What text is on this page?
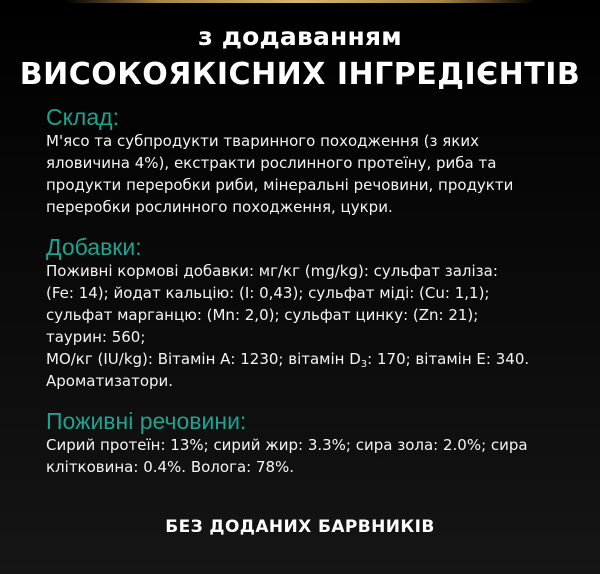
з додаванням
ВИСОКОЯКІСНИХ ІНГРЕДІЄНТІВ
Склад:
М'ясо та субпродукти тваринного походження (з яких
яловичина 4%), екстракти рослинного протеїну, риба та
продукти переробки риби, мінеральні речовини, продукти
переробки рослинного походження, цукри.
Добавки:
Поживні кормові добавки: мг/кг (mg/kg): сульфат заліза:
(Fe: 14); йодат кальцію: (I: 0,43); сульфат міді: (Cu: 1,1);
сульфат марганцю: (Mn: 2,0); сульфат цинку: (Zn: 21);
таурин: 560;
МО/кг (IU/kg): Вітамін А: 1230; вітамін $D_3$: 170; вітамін Е: 340.
Ароматизатори.
Поживні речовини:
Сирий протеїн: 13%; сирий жир: 3.3%; сира зола: 2.0%; сира
клітковина: 0.4%. Волога: 78%.
БЕЗ ДОДАНИХ БАРВНИКІВ
